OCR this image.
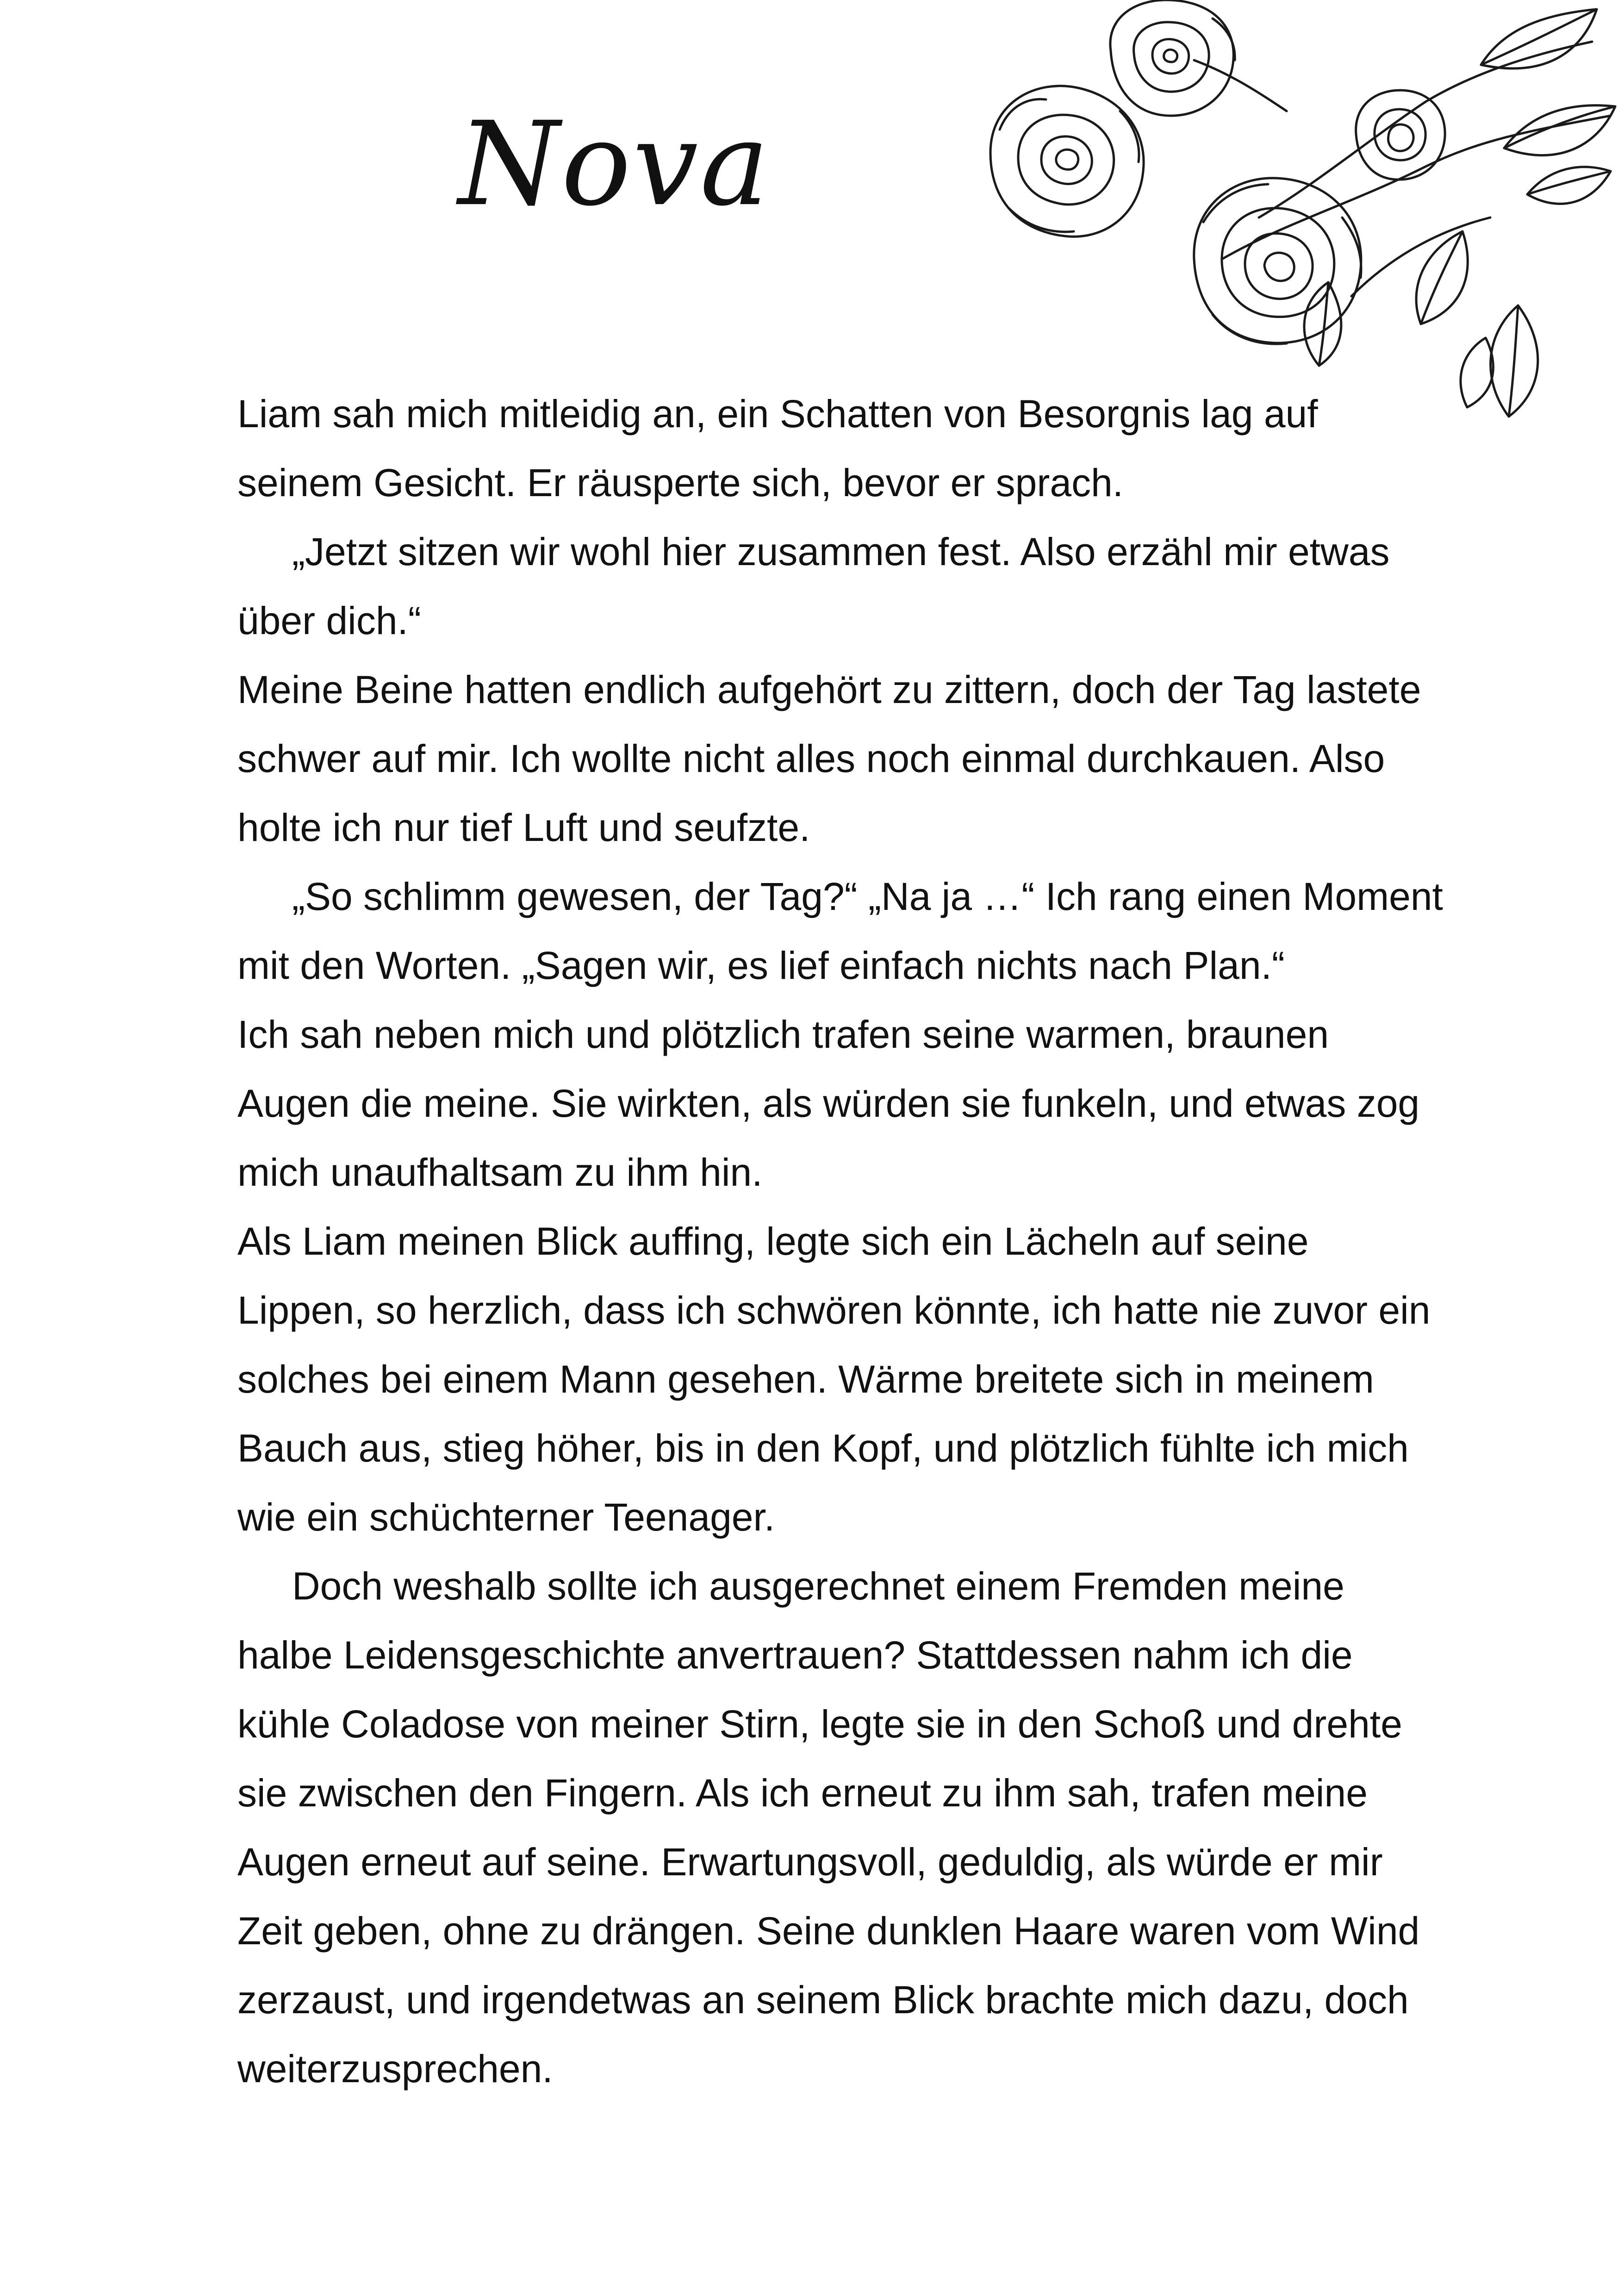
Nova
Liam sah mich mitleidig an, ein Schatten von Besorgnis lag auf
seinem Gesicht. Er räusperte sich, bevor er sprach.
„Jetzt sitzen wir wohl hier zusammen fest. Also erzähl mir etwas
über dich.“
Meine Beine hatten endlich aufgehört zu zittern, doch der Tag lastete
schwer auf mir. Ich wollte nicht alles noch einmal durchkauen. Also
holte ich nur tief Luft und seufzte.
„So schlimm gewesen, der Tag?“ „Na ja …“ Ich rang einen Moment
mit den Worten. „Sagen wir, es lief einfach nichts nach Plan.“
Ich sah neben mich und plötzlich trafen seine warmen, braunen
Augen die meine. Sie wirkten, als würden sie funkeln, und etwas zog
mich unaufhaltsam zu ihm hin.
Als Liam meinen Blick auffing, legte sich ein Lächeln auf seine
Lippen, so herzlich, dass ich schwören könnte, ich hatte nie zuvor ein
solches bei einem Mann gesehen. Wärme breitete sich in meinem
Bauch aus, stieg höher, bis in den Kopf, und plötzlich fühlte ich mich
wie ein schüchterner Teenager.
Doch weshalb sollte ich ausgerechnet einem Fremden meine
halbe Leidensgeschichte anvertrauen? Stattdessen nahm ich die
kühle Coladose von meiner Stirn, legte sie in den Schoß und drehte
sie zwischen den Fingern. Als ich erneut zu ihm sah, trafen meine
Augen erneut auf seine. Erwartungsvoll, geduldig, als würde er mir
Zeit geben, ohne zu drängen. Seine dunklen Haare waren vom Wind
zerzaust, und irgendetwas an seinem Blick brachte mich dazu, doch
weiterzusprechen.
